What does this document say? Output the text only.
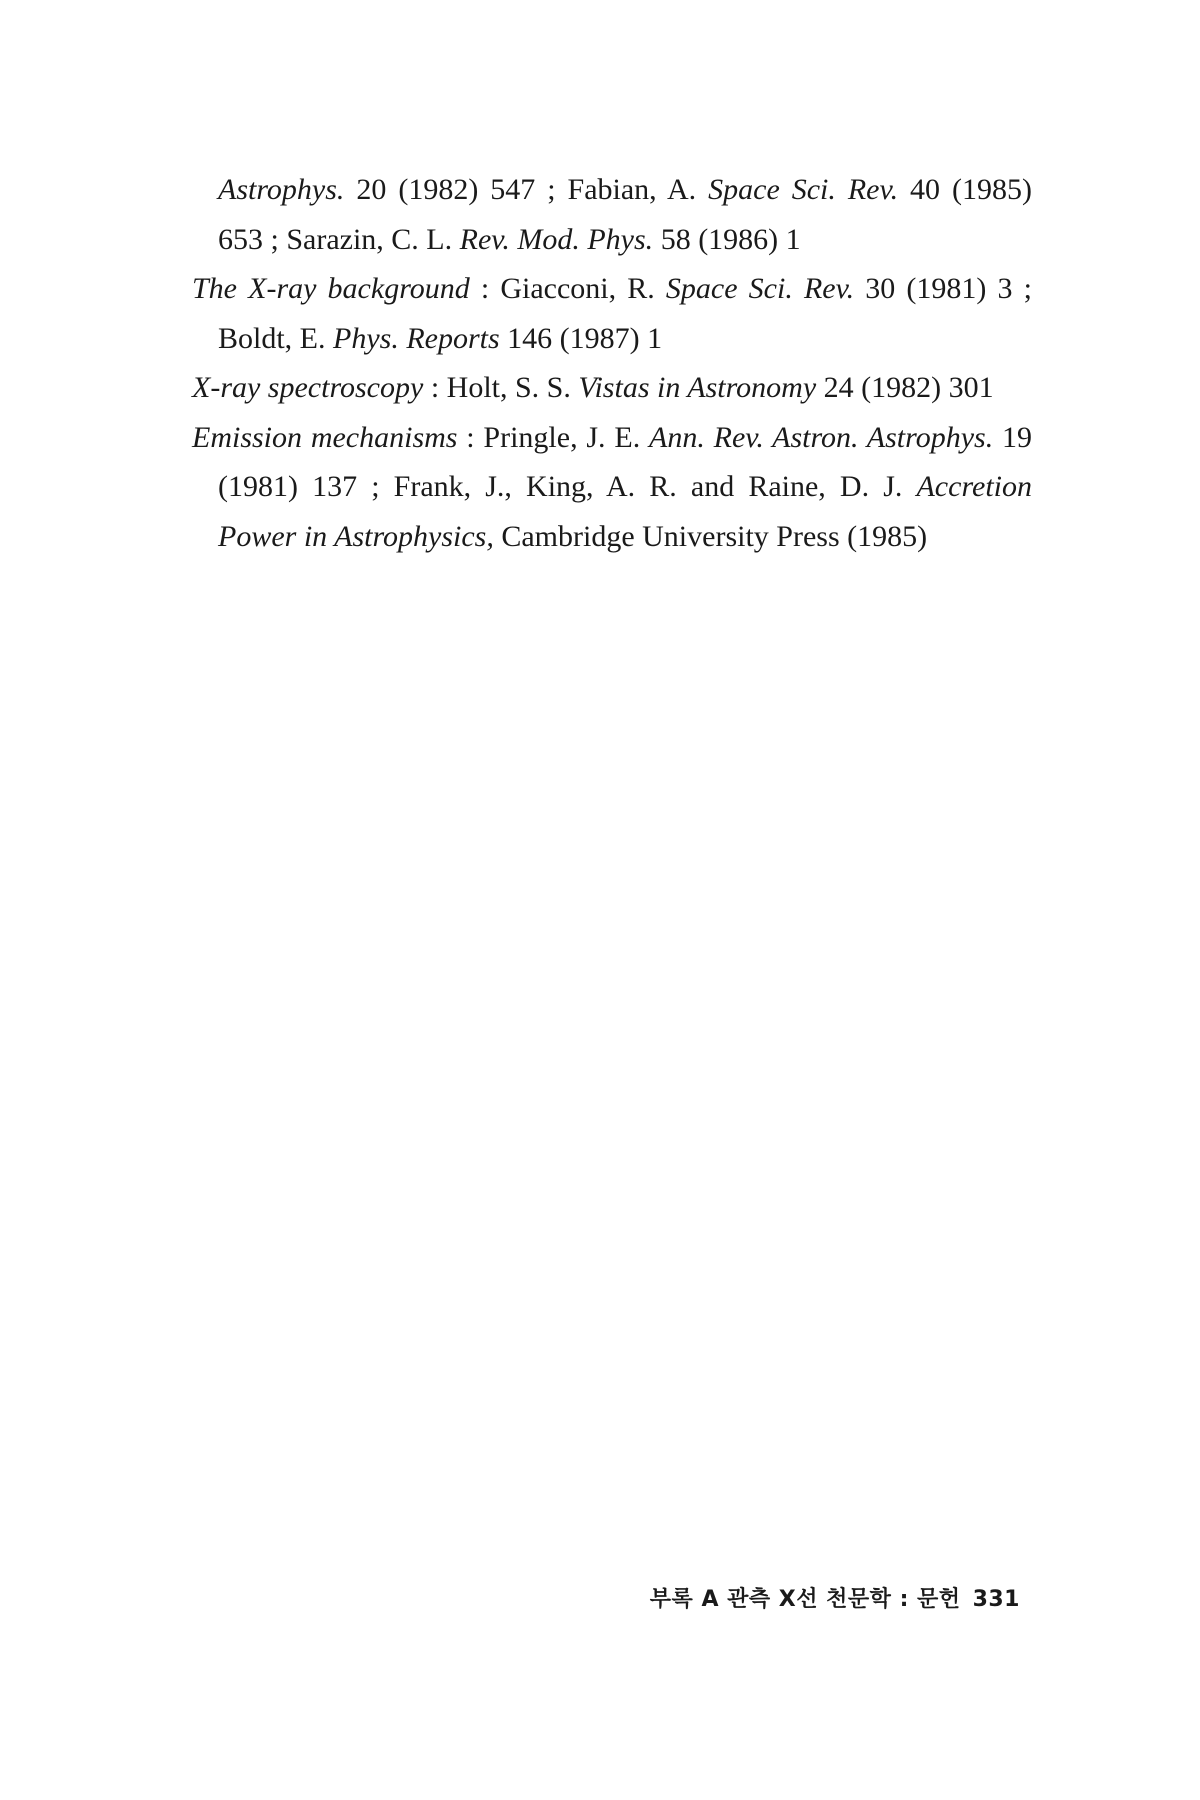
Astrophys. 20 (1982) 547 ; Fabian, A. Space Sci. Rev. 40 (1985) 653 ; Sarazin, C. L. Rev. Mod. Phys. 58 (1986) 1

The X-ray background : Giacconi, R. Space Sci. Rev. 30 (1981) 3 ; Boldt, E. Phys. Reports 146 (1987) 1

X-ray spectroscopy : Holt, S. S. Vistas in Astronomy 24 (1982) 301

Emission mechanisms : Pringle, J. E. Ann. Rev. Astron. Astrophys. 19 (1981) 137 ; Frank, J., King, A. R. and Raine, D. J. Accretion Power in Astrophysics, Cambridge University Press (1985)

부록 A 관측 X선 천문학 : 문헌 331
